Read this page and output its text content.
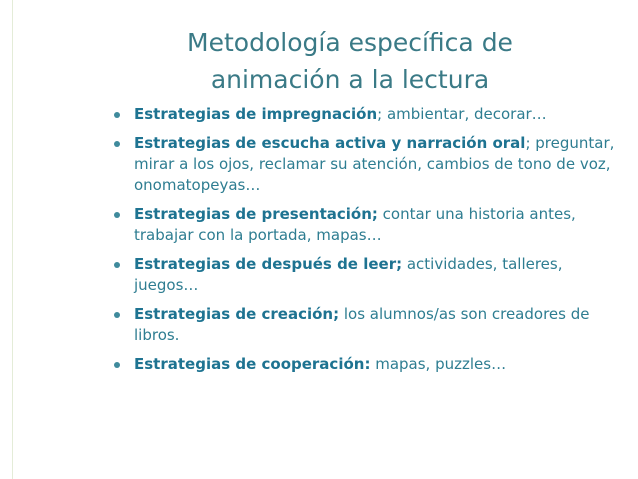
Metodología específica de
animación a la lectura
Estrategias de impregnación; ambientar, decorar…
Estrategias de escucha activa y narración oral; preguntar, mirar a los ojos, reclamar su atención, cambios de tono de voz, onomatopeyas…
Estrategias de presentación; contar una historia antes, trabajar con la portada, mapas…
Estrategias de después de leer; actividades, talleres, juegos…
Estrategias de creación; los alumnos/as son creadores de libros.
Estrategias de cooperación: mapas, puzzles…
